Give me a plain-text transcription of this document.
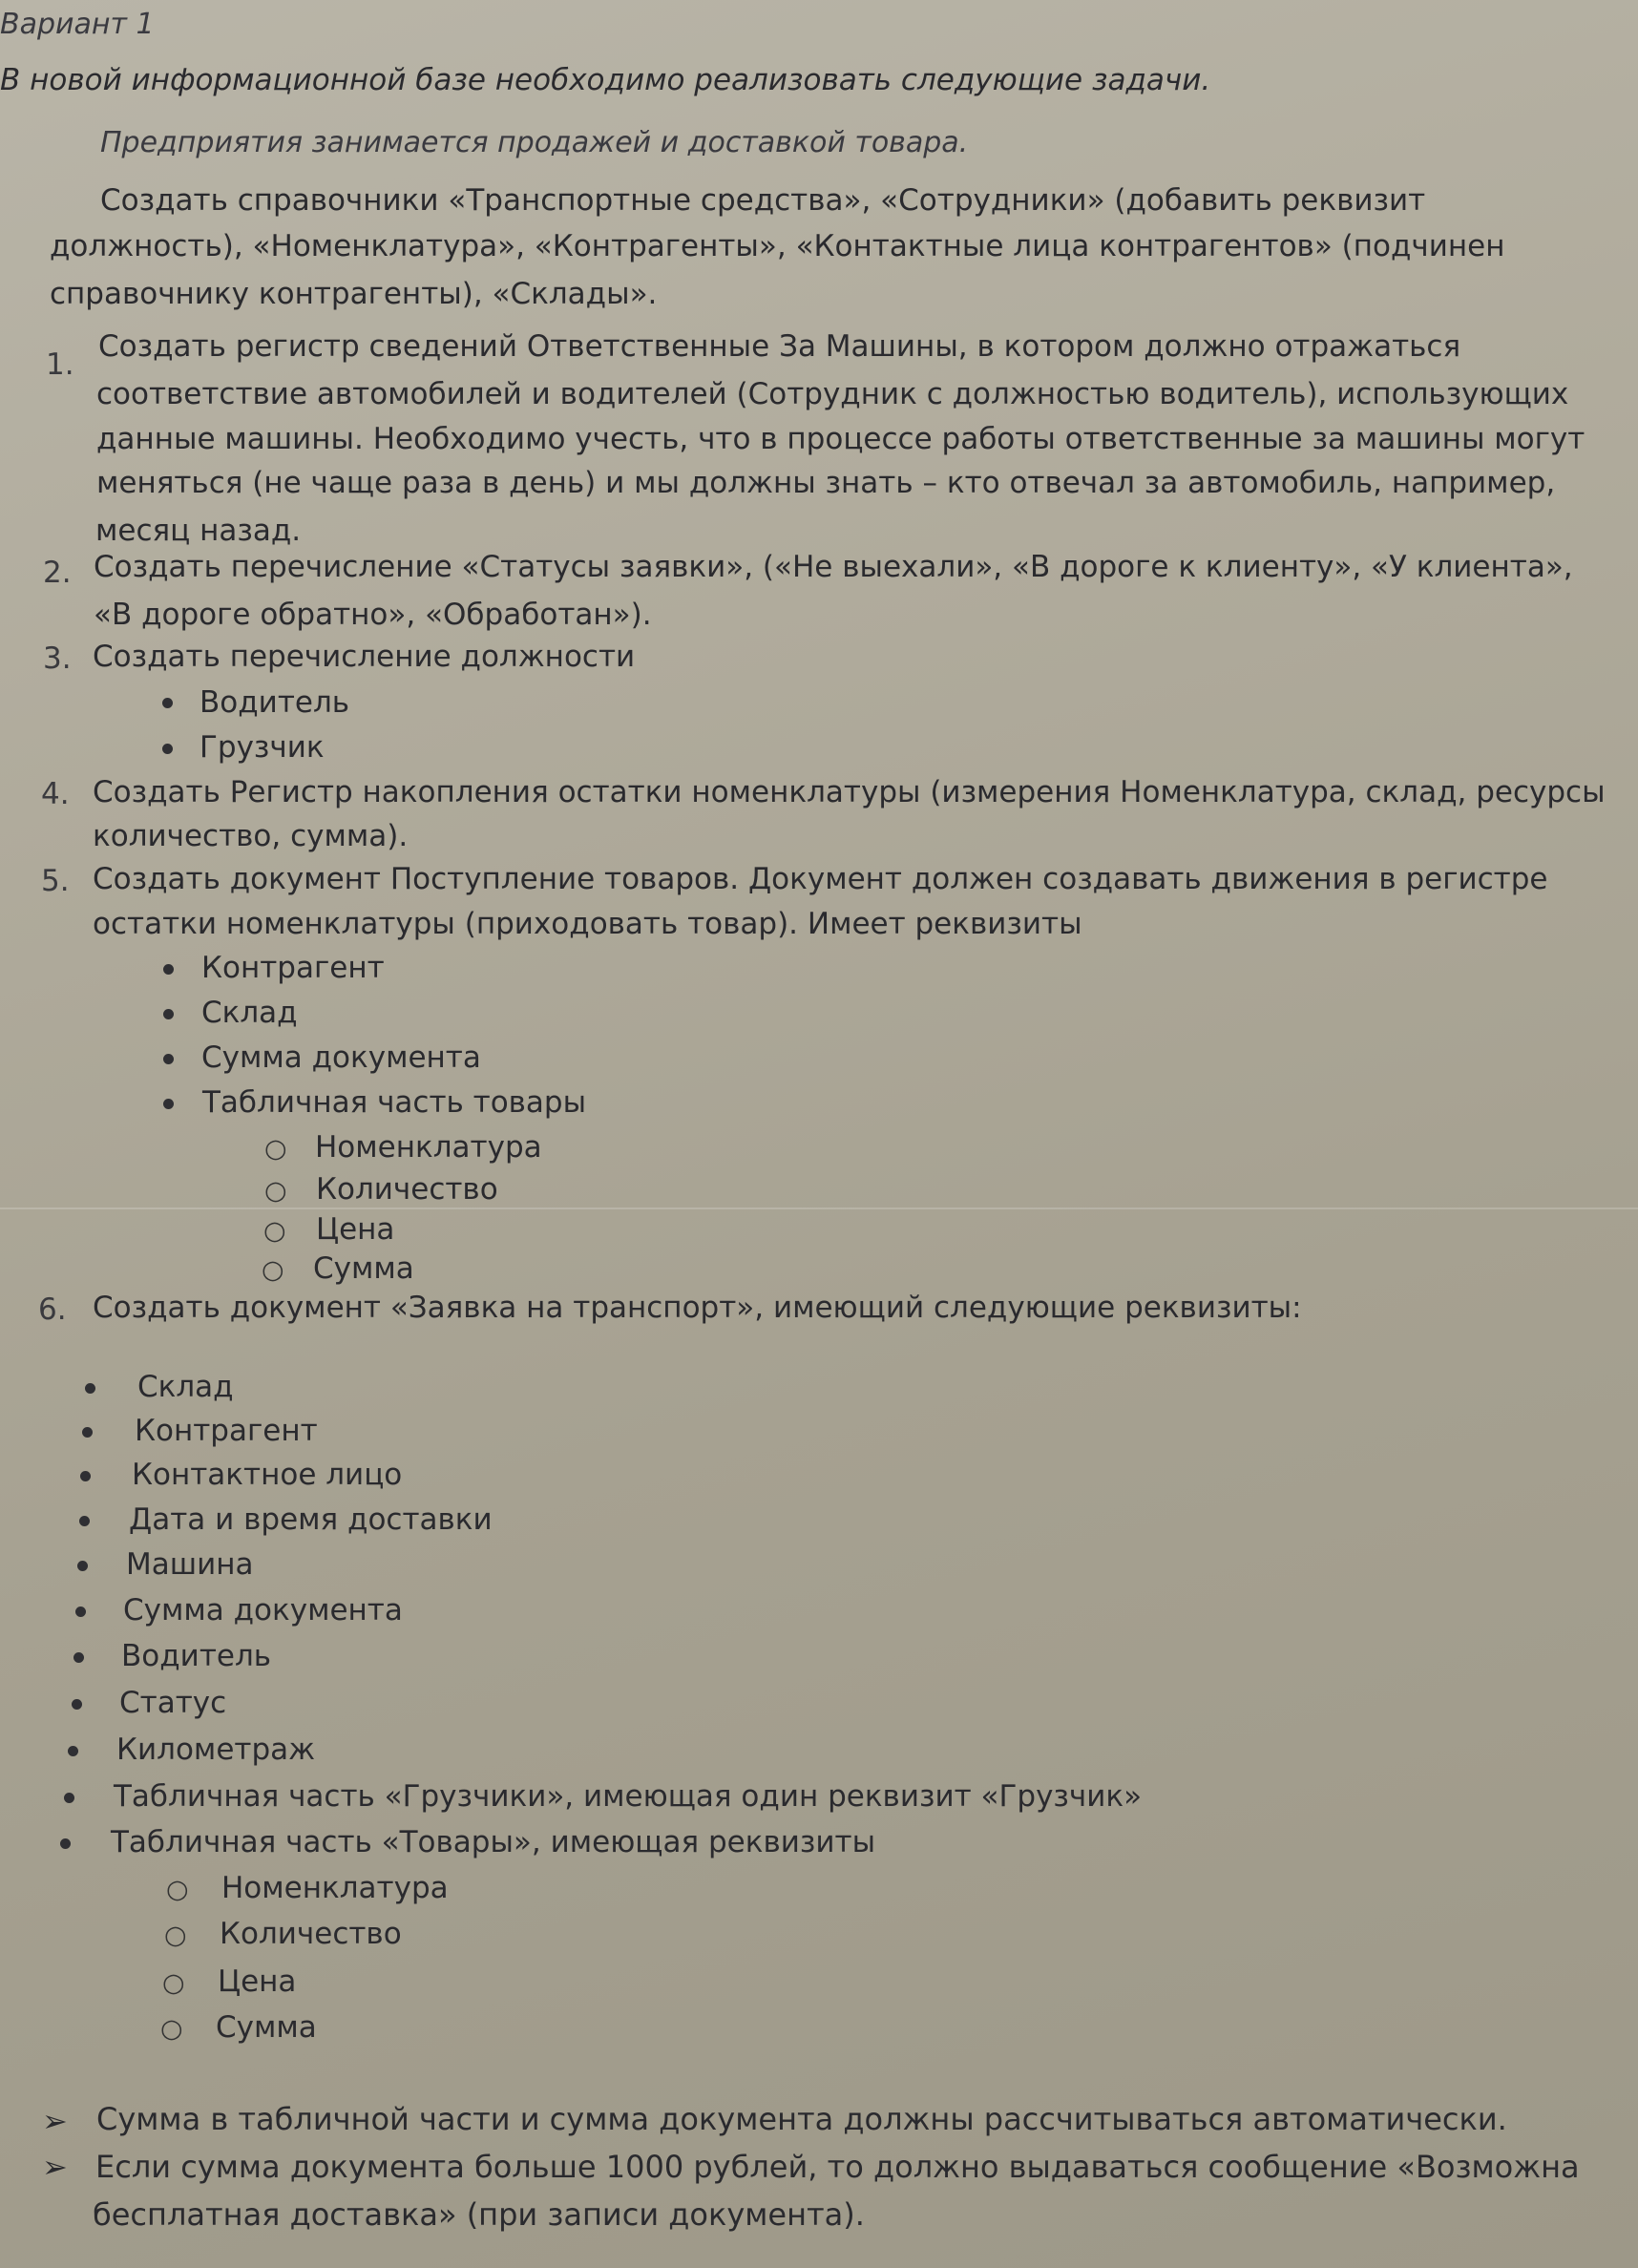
Вариант 1
В новой информационной базе необходимо реализовать следующие задачи.
Предприятия занимается продажей и доставкой товара.
Создать справочники «Транспортные средства», «Сотрудники» (добавить реквизит
должность), «Номенклатура», «Контрагенты», «Контактные лица контрагентов» (подчинен
справочнику контрагенты), «Склады».
1.
Создать регистр сведений Ответственные За Машины, в котором должно отражаться
соответствие автомобилей и водителей (Сотрудник с должностью водитель), использующих
данные машины. Необходимо учесть, что в процессе работы ответственные за машины могут
меняться (не чаще раза в день) и мы должны знать – кто отвечал за автомобиль, например,
месяц назад.
2. Создать перечисление «Статусы заявки», («Не выехали», «В дороге к клиенту», «У клиента»,
«В дороге обратно», «Обработан»).
3. Создать перечисление должности
Водитель
Грузчик
4. Создать Регистр накопления остатки номенклатуры (измерения Номенклатура, склад, ресурсы
количество, сумма).
5. Создать документ Поступление товаров. Документ должен создавать движения в регистре
остатки номенклатуры (приходовать товар). Имеет реквизиты
Контрагент
Склад
Сумма документа
Табличная часть товары
○ Номенклатура
○ Количество
○ Цена
○ Сумма
6. Создать документ «Заявка на транспорт», имеющий следующие реквизиты:
Склад
Контрагент
Контактное лицо
Дата и время доставки
Машина
Сумма документа
Водитель
Статус
Километраж
Табличная часть «Грузчики», имеющая один реквизит «Грузчик»
Табличная часть «Товары», имеющая реквизиты
○ Номенклатура
○ Количество
○ Цена
○ Сумма
➢ Сумма в табличной части и сумма документа должны рассчитываться автоматически.
➢ Если сумма документа больше 1000 рублей, то должно выдаваться сообщение «Возможна
бесплатная доставка» (при записи документа).
